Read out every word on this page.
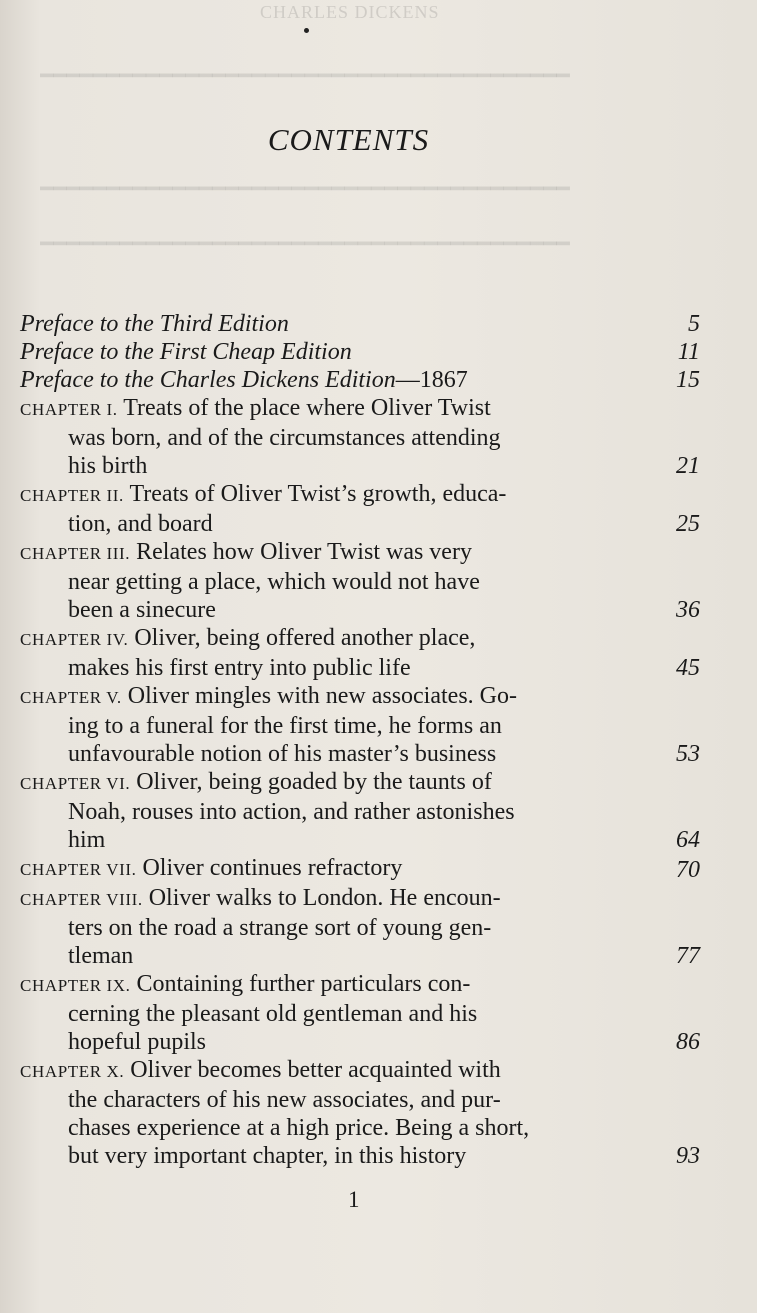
CHARLES DICKENS
━━━━━━━━━━━━━━━━━━━━━━━━━━━━━━━━━━━━━━━━
━━━━━━━━━━━━━━━━━━━━━━━━━━━━━━━━━━━━━━━━
━━━━━━━━━━━━━━━━━━━━━━━━━━━━━━━━━━━━━━━━
CONTENTS
Preface to the Third Edition	5
Preface to the First Cheap Edition	11
Preface to the Charles Dickens Edition—1867	15
CHAPTER I. Treats of the place where Oliver Twist
was born, and of the circumstances attending
his birth	21
CHAPTER II. Treats of Oliver Twist’s growth, educa-
tion, and board	25
CHAPTER III. Relates how Oliver Twist was very
near getting a place, which would not have
been a sinecure	36
CHAPTER IV. Oliver, being offered another place,
makes his first entry into public life	45
CHAPTER V. Oliver mingles with new associates. Go-
ing to a funeral for the first time, he forms an
unfavourable notion of his master’s business	53
CHAPTER VI. Oliver, being goaded by the taunts of
Noah, rouses into action, and rather astonishes
him	64
CHAPTER VII. Oliver continues refractory	70
CHAPTER VIII. Oliver walks to London. He encoun-
ters on the road a strange sort of young gen-
tleman	77
CHAPTER IX. Containing further particulars con-
cerning the pleasant old gentleman and his
hopeful pupils	86
CHAPTER X. Oliver becomes better acquainted with
the characters of his new associates, and pur-
chases experience at a high price. Being a short,
but very important chapter, in this history	93
1
